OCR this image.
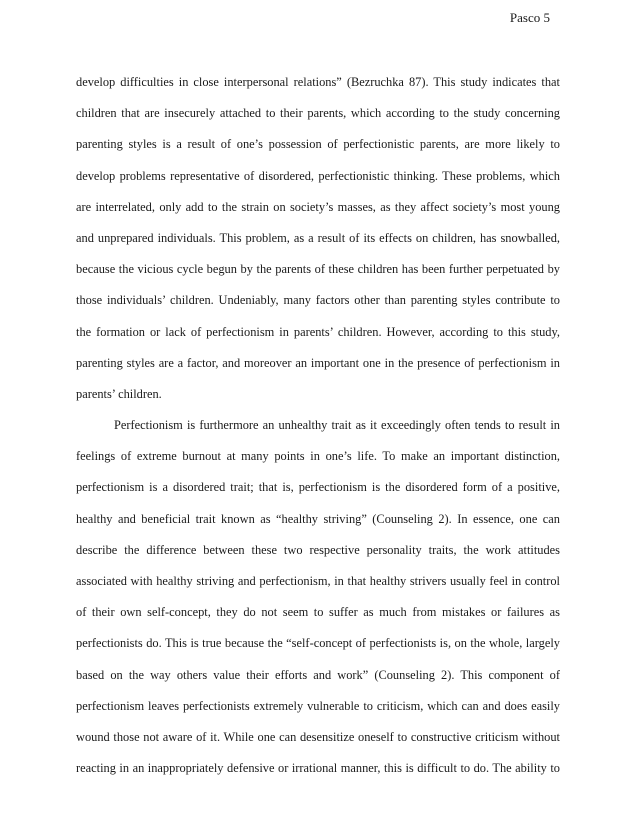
Pasco 5
develop difficulties in close interpersonal relations” (Bezruchka 87). This study indicates that
children that are insecurely attached to their parents, which according to the study concerning
parenting styles is a result of one’s possession of perfectionistic parents, are more likely to
develop problems representative of disordered, perfectionistic thinking. These problems, which
are interrelated, only add to the strain on society’s masses, as they affect society’s most young
and unprepared individuals. This problem, as a result of its effects on children, has snowballed,
because the vicious cycle begun by the parents of these children has been further perpetuated by
those individuals’ children. Undeniably, many factors other than parenting styles contribute to
the formation or lack of perfectionism in parents’ children. However, according to this study,
parenting styles are a factor, and moreover an important one in the presence of perfectionism in
parents’ children.
Perfectionism is furthermore an unhealthy trait as it exceedingly often tends to result in
feelings of extreme burnout at many points in one’s life. To make an important distinction,
perfectionism is a disordered trait; that is, perfectionism is the disordered form of a positive,
healthy and beneficial trait known as “healthy striving” (Counseling 2). In essence, one can
describe the difference between these two respective personality traits, the work attitudes
associated with healthy striving and perfectionism, in that healthy strivers usually feel in control
of their own self-concept, they do not seem to suffer as much from mistakes or failures as
perfectionists do. This is true because the “self-concept of perfectionists is, on the whole, largely
based on the way others value their efforts and work” (Counseling 2). This component of
perfectionism leaves perfectionists extremely vulnerable to criticism, which can and does easily
wound those not aware of it. While one can desensitize oneself to constructive criticism without
reacting in an inappropriately defensive or irrational manner, this is difficult to do. The ability to
